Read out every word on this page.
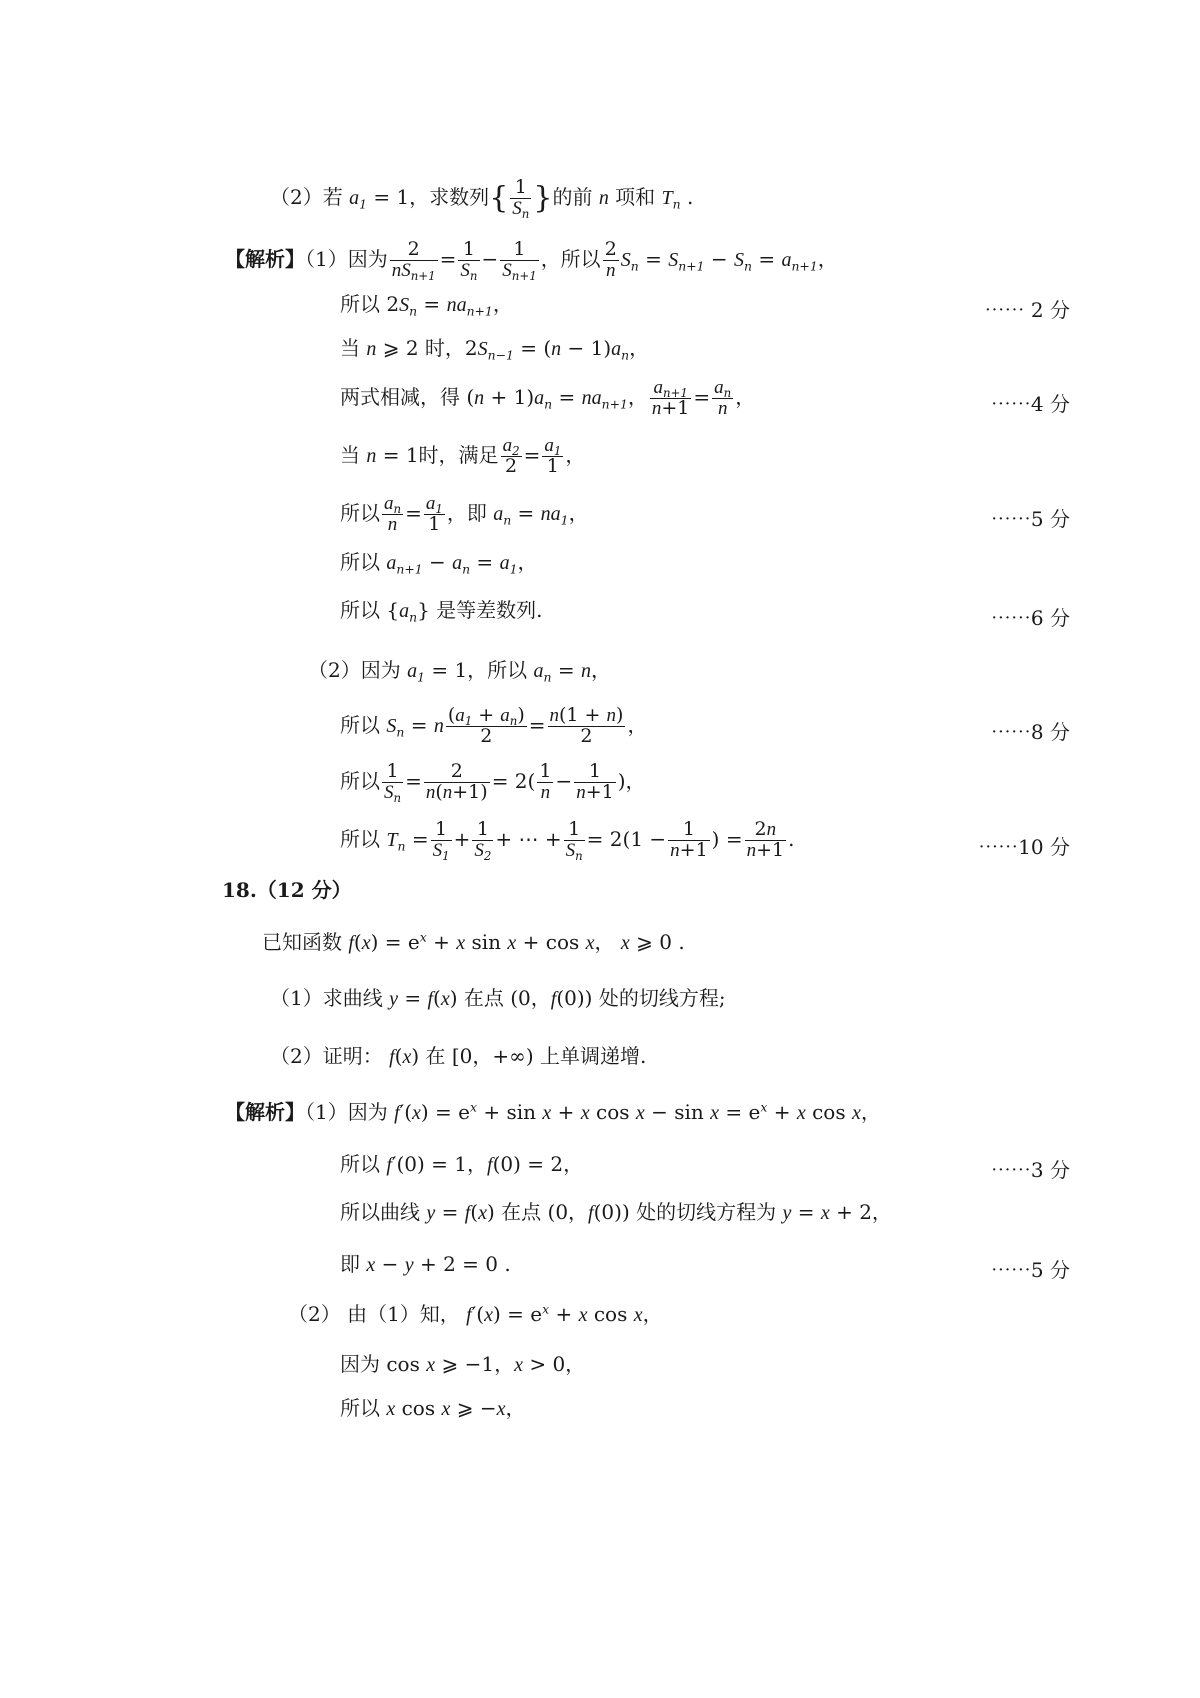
（2）若 $a_1 = 1$，求数列{ $\frac{1}{S_n}$ }的前 n 项和 $T_n$ .
【解析】（1）因为 $\frac{2}{nS_{n+1}} = \frac{1}{S_n} - \frac{1}{S_{n+1}}$ ，所以 $\frac{2}{n} S_n = S_{n+1} - S_n = a_{n+1}$，
所以 $2S_n = na_{n+1}$，	⋯⋯ 2 分
当 n ⩾ 2 时，$2S_{n-1} = (n - 1)a_n$，
两式相减，得 $(n + 1)a_n = na_{n+1}$， $\frac{a_{n+1}}{n+1} = \frac{a_n}{n}$ ，	⋯⋯4 分
当 n = 1时，满足 $\frac{a_2}{2} = \frac{a_1}{1}$ ，
所以 $\frac{a_n}{n} = \frac{a_1}{1}$ ，即 $a_n = na_1$，	⋯⋯5 分
所以 $a_{n+1} - a_n = a_1$，
所以 $\{a_n\}$ 是等差数列.	⋯⋯6 分
（2）因为 $a_1 = 1$，所以 $a_n = n$，
所以 $S_n = n \frac{(a_1 + a_n)}{2} = \frac{n(1 + n)}{2}$ ，	⋯⋯8 分
所以 $\frac{1}{S_n} = \frac{2}{n(n+1)} = 2( \frac{1}{n} - \frac{1}{n+1}$ )，
所以 $T_n = \frac{1}{S_1} + \frac{1}{S_2}$ + ⋯ + $\frac{1}{S_n} = 2(1 - \frac{1}{n+1}$ ) = $\frac{2n}{n+1}$ .	⋯⋯10 分
18.（12 分）
已知函数 $f(x) = e^x + x$ sin x + cos x， x ⩾ 0 .
（1）求曲线 y = f(x) 在点 (0，f(0)) 处的切线方程;
（2）证明： f(x) 在 [0，+∞) 上单调递增.
【解析】（1）因为 $f'(x) = e^x + \sin x + x$ $\cos x - \sin x = e^x + x$ cos x，
所以 f′(0) = 1，f(0) = 2，	⋯⋯3 分
所以曲线 y = f(x) 在点 (0，f(0)) 处的切线方程为 y = x + 2，
即 x − y + 2 = 0 .	⋯⋯5 分
（2） 由（1）知， $f'(x) = e^x + x$ cos x，
因为 cos x ⩾ −1，x > 0，
所以 x cos x ⩾ −x，
